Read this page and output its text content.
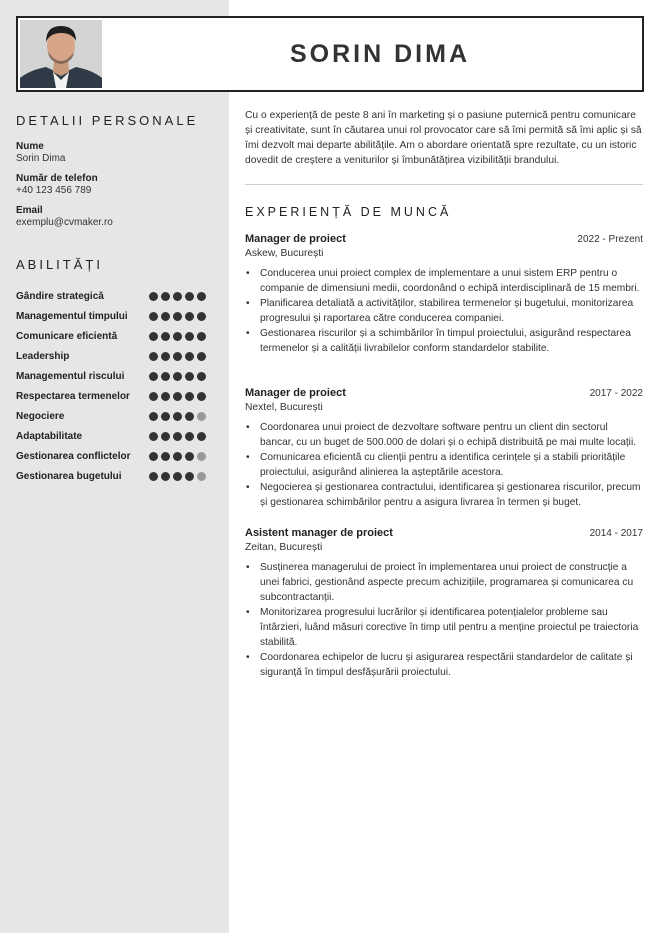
SORIN DIMA
DETALII PERSONALE

Nume

Sorin Dima

Număr de telefon

+40 123 456 789

Email

exemplu@cvmaker.ro

ABILITĂȚI
Gândire strategică
Managementul timpului
Comunicare eficientă
Leadership
Managementul riscului
Respectarea termenelor
Negociere
Adaptabilitate
Gestionarea conflictelor
Gestionarea bugetului

Cu o experiență de peste 8 ani în marketing și o pasiune puternică pentru comunicare și creativitate, sunt în căutarea unui rol provocator care să îmi permită să îmi aplic și să îmi dezvolt mai departe abilitățile. Am o abordare orientată spre rezultate, cu un istoric dovedit de creștere a veniturilor și îmbunătățirea vizibilității brandului.

EXPERIENȚĂ DE MUNCĂ
Manager de proiect	2022 - Prezent
Askew, București
• Conducerea unui proiect complex de implementare a unui sistem ERP pentru o companie de dimensiuni medii, coordonând o echipă interdisciplinară de 15 membri.
• Planificarea detaliată a activităților, stabilirea termenelor și bugetului, monitorizarea progresului și raportarea către conducerea companiei.
• Gestionarea riscurilor și a schimbărilor în timpul proiectului, asigurând respectarea termenelor și a calității livrabilelor conform standardelor stabilite.
Manager de proiect	2017 - 2022
Nextel, București
• Coordonarea unui proiect de dezvoltare software pentru un client din sectorul bancar, cu un buget de 500.000 de dolari și o echipă distribuită pe mai multe locații.
• Comunicarea eficientă cu clienții pentru a identifica cerințele și a stabili prioritățile proiectului, asigurând alinierea la așteptările acestora.
• Negocierea și gestionarea contractului, identificarea și gestionarea riscurilor, precum și gestionarea schimbărilor pentru a asigura livrarea în termen și buget.
Asistent manager de proiect	2014 - 2017
Zeitan, București
• Susținerea managerului de proiect în implementarea unui proiect de construcție a unei fabrici, gestionând aspecte precum achizițiile, programarea și comunicarea cu subcontractanții.
• Monitorizarea progresului lucrărilor și identificarea potențialelor probleme sau întârzieri, luând măsuri corective în timp util pentru a menține proiectul pe traiectoria stabilită.
• Coordonarea echipelor de lucru și asigurarea respectării standardelor de calitate și siguranță în timpul desfășurării proiectului.
